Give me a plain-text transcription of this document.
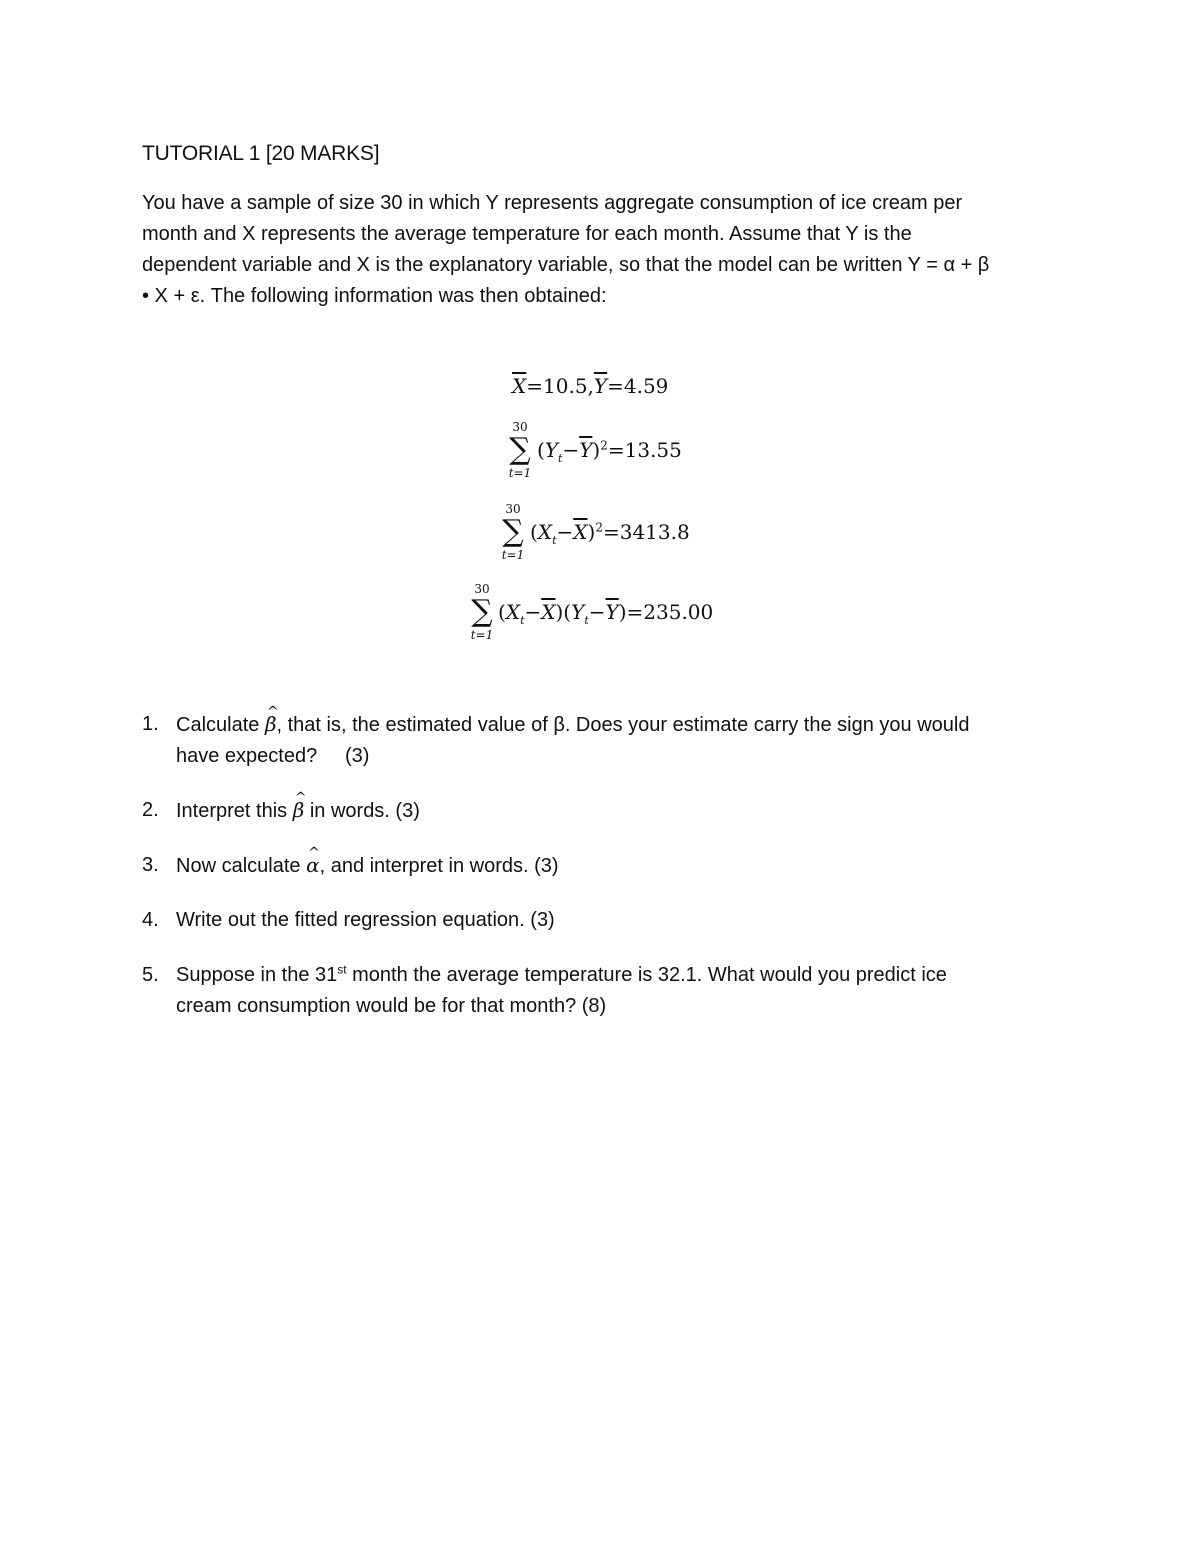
TUTORIAL 1 [20 MARKS]

You have a sample of size 30 in which Y represents aggregate consumption of ice cream per

month and X represents the average temperature for each month. Assume that Y is the

dependent variable and X is the explanatory variable, so that the model can be written Y = α + β

• X + ε. The following information was then obtained:

$\overline{X}=10.5,\overline{Y}=4.59$
30
∑
t=1
$(Y_t-\overline{Y})^2=13.55$
30
∑
t=1
$(X_t-\overline{X})^2=3413.8$
30
∑
t=1
$(X_t-\overline{X})(Y_t-\overline{Y})=235.00$
1. Calculate ^ β, that is, the estimated value of β. Does your estimate carry the sign you would

have expected?     (3)

2. Interpret this ^ β in words. (3)

3. Now calculate ^ α, and interpret in words. (3)

4. Write out the fitted regression equation. (3)

5. Suppose in the 31st month the average temperature is 32.1. What would you predict ice

cream consumption would be for that month? (8)
